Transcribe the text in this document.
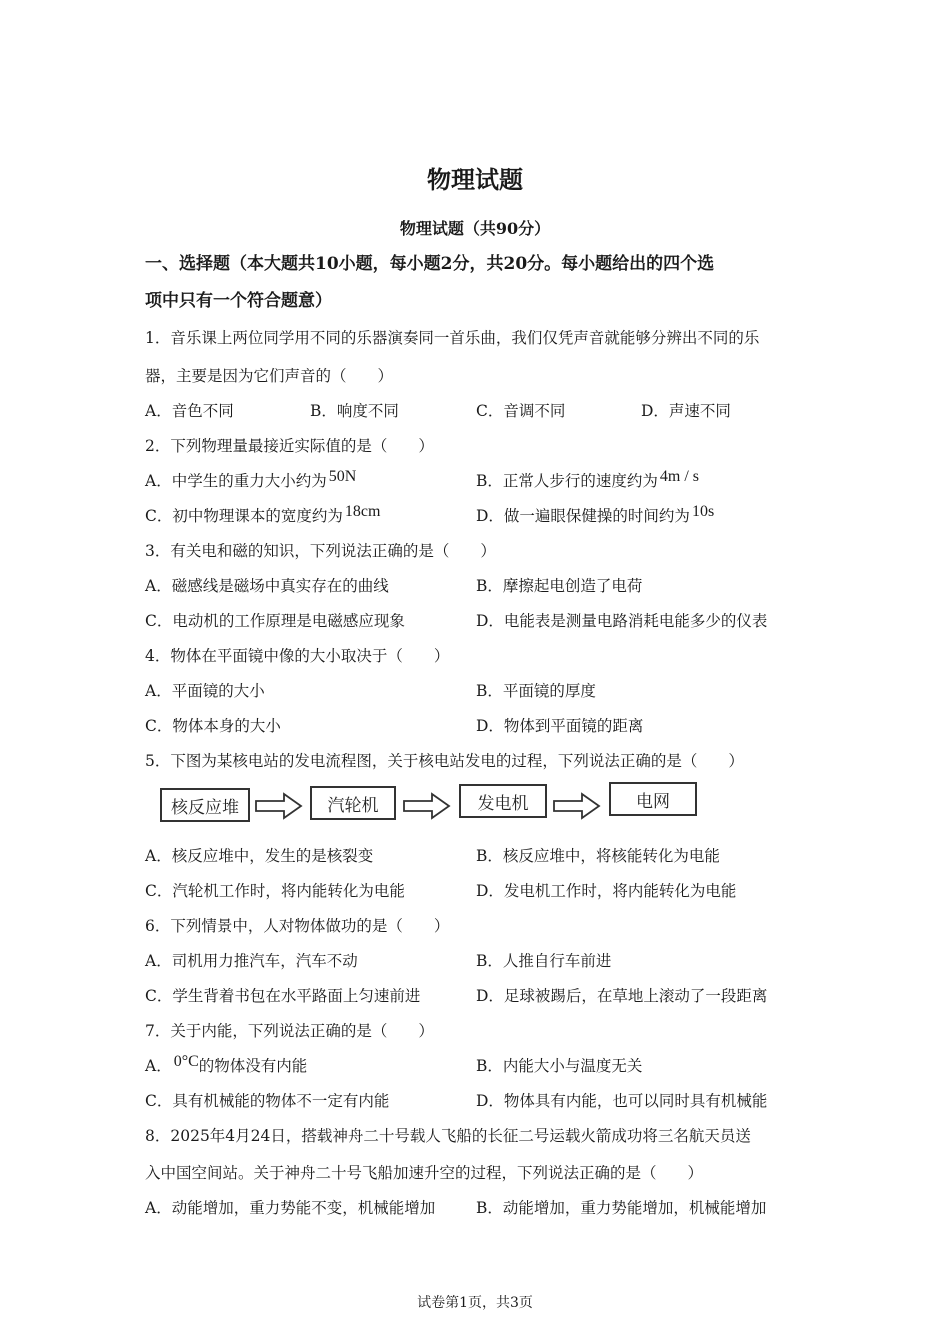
物理试题
物理试题（共90分）
一、选择题（本大题共10小题，每小题2分，共20分。每小题给出的四个选
项中只有一个符合题意）
1．音乐课上两位同学用不同的乐器演奏同一首乐曲，我们仅凭声音就能够分辨出不同的乐
器，主要是因为它们声音的（　　）
A．音色不同	B．响度不同	C．音调不同	D．声速不同
2．下列物理量最接近实际值的是（　　）
A．中学生的重力大小约为 50N	B．正常人步行的速度约为 4m / s
C．初中物理课本的宽度约为 18cm	D．做一遍眼保健操的时间约为 10s
3．有关电和磁的知识，下列说法正确的是（　　）
A．磁感线是磁场中真实存在的曲线	B．摩擦起电创造了电荷
C．电动机的工作原理是电磁感应现象	D．电能表是测量电路消耗电能多少的仪表
4．物体在平面镜中像的大小取决于（　　）
A．平面镜的大小	B．平面镜的厚度
C．物体本身的大小	D．物体到平面镜的距离
5．下图为某核电站的发电流程图，关于核电站发电的过程，下列说法正确的是（　　）
核反应堆	汽轮机	发电机	电网
A．核反应堆中，发生的是核裂变	B．核反应堆中，将核能转化为电能
C．汽轮机工作时，将内能转化为电能	D．发电机工作时，将内能转化为电能
6．下列情景中，人对物体做功的是（　　）
A．司机用力推汽车，汽车不动	B．人推自行车前进
C．学生背着书包在水平路面上匀速前进	D．足球被踢后，在草地上滚动了一段距离
7．关于内能，下列说法正确的是（　　）
A． 0°C的物体没有内能	B．内能大小与温度无关
C．具有机械能的物体不一定有内能	D．物体具有内能，也可以同时具有机械能
8．2025年4月24日，搭载神舟二十号载人飞船的长征二号运载火箭成功将三名航天员送
入中国空间站。关于神舟二十号飞船加速升空的过程，下列说法正确的是（　　）
A．动能增加，重力势能不变，机械能增加	B．动能增加，重力势能增加，机械能增加
试卷第1页，共3页
